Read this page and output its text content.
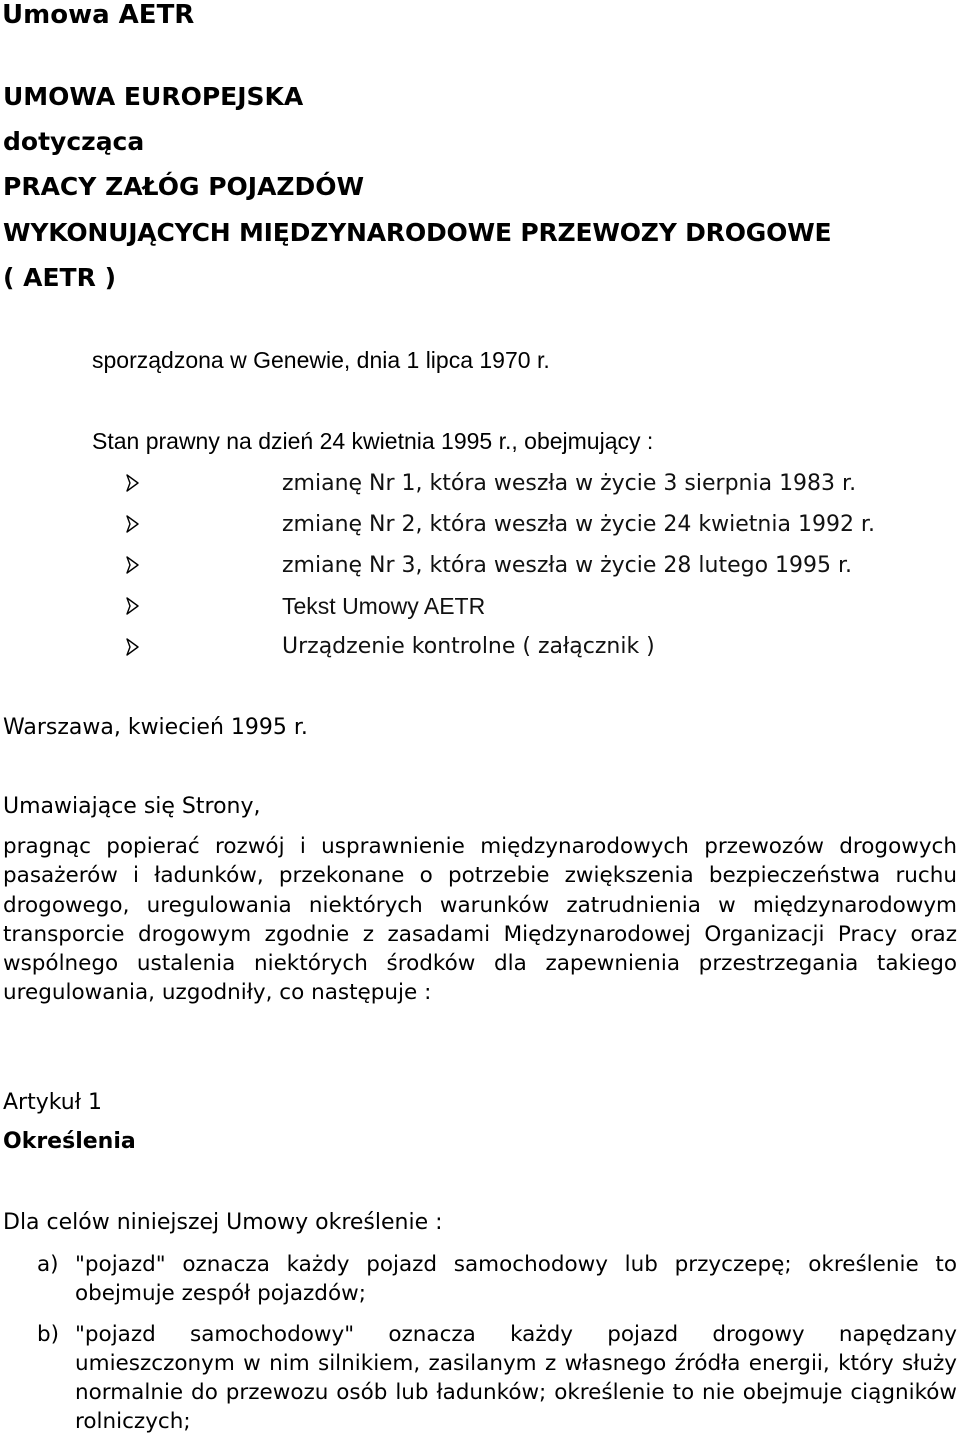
Umowa AETR
UMOWA EUROPEJSKA
dotycząca
PRACY ZAŁÓG POJAZDÓW
WYKONUJĄCYCH MIĘDZYNARODOWE PRZEWOZY DROGOWE
( AETR )
sporządzona w Genewie, dnia 1 lipca 1970 r.
Stan prawny na dzień 24 kwietnia 1995 r., obejmujący :
zmianę Nr 1, która weszła w życie 3 sierpnia 1983 r.
zmianę Nr 2, która weszła w życie 24 kwietnia 1992 r.
zmianę Nr 3, która weszła w życie 28 lutego 1995 r.
Tekst Umowy AETR
Urządzenie kontrolne ( załącznik )
Warszawa, kwiecień 1995 r.
Umawiające się Strony,
pragnąc popierać rozwój i usprawnienie międzynarodowych przewozów drogowych pasażerów i ładunków, przekonane o potrzebie zwiększenia bezpieczeństwa ruchu drogowego, uregulowania niektórych warunków zatrudnienia w międzynarodowym transporcie drogowym zgodnie z zasadami Międzynarodowej Organizacji Pracy oraz wspólnego ustalenia niektórych środków dla zapewnienia przestrzegania takiego uregulowania, uzgodniły, co następuje :
Artykuł 1
Określenia
Dla celów niniejszej Umowy określenie :
a) "pojazd" oznacza każdy pojazd samochodowy lub przyczepę; określenie to obejmuje zespół pojazdów;
b) "pojazd samochodowy" oznacza każdy pojazd drogowy napędzany umieszczonym w nim silnikiem, zasilanym z własnego źródła energii, który służy normalnie do przewozu osób lub ładunków; określenie to nie obejmuje ciągników rolniczych;
